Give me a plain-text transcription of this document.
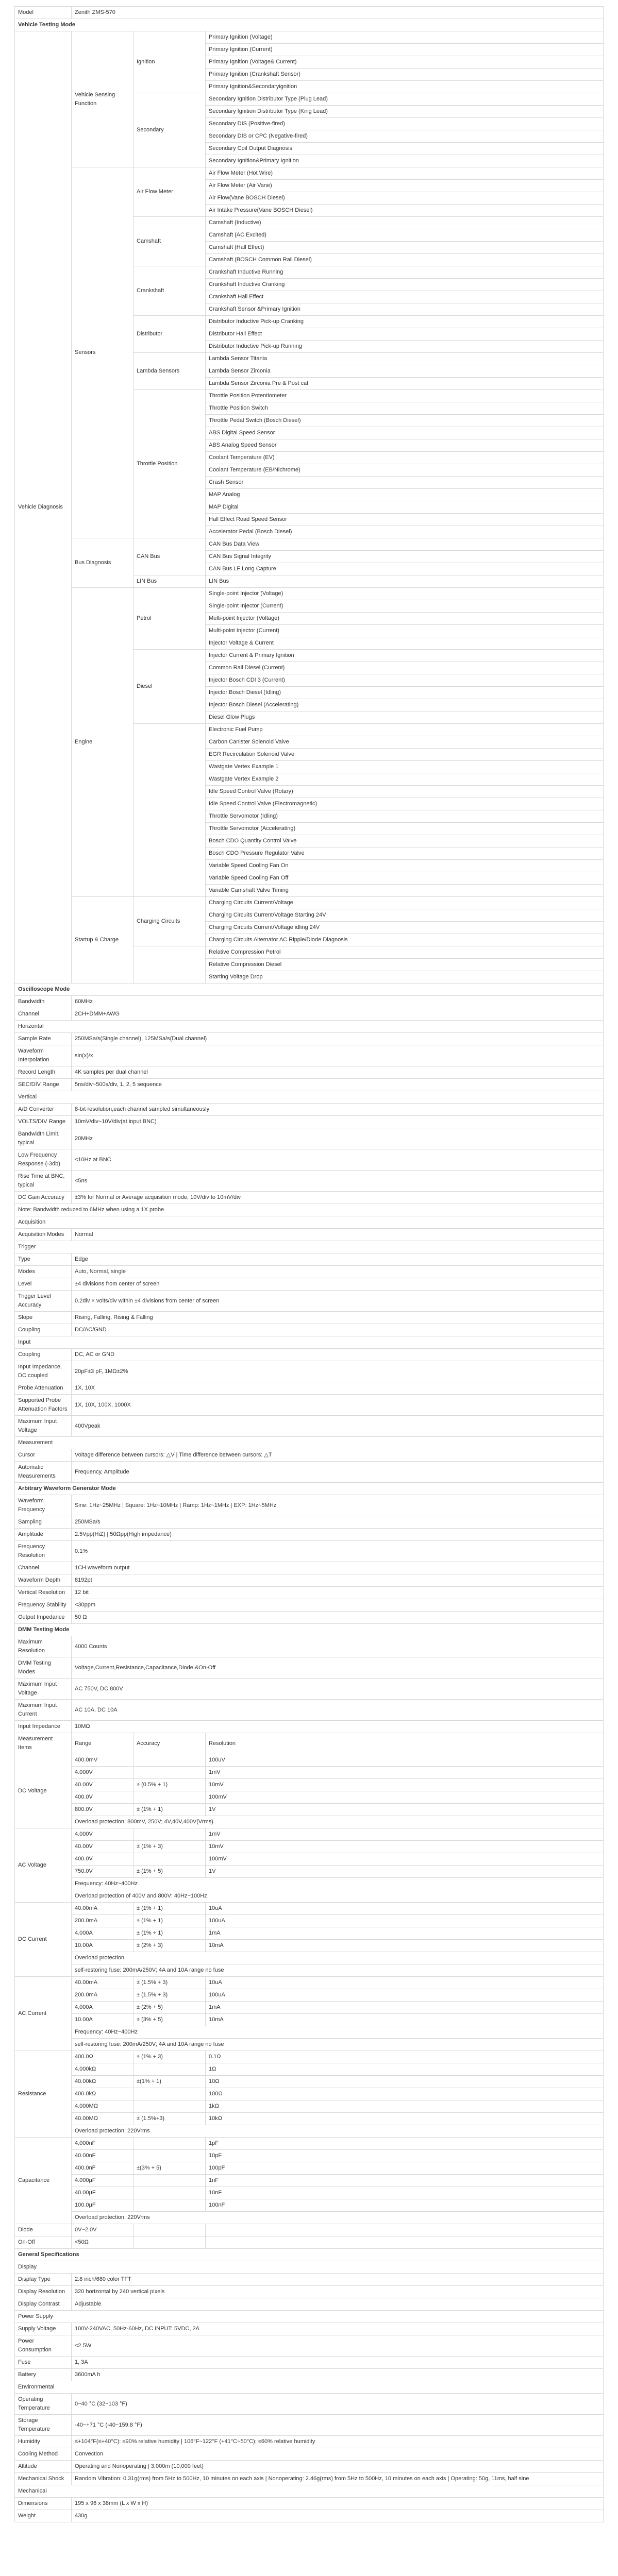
Model	Zenith ZMS-570		
Vehicle Testing Mode			
Vehicle Diagnosis	Vehicle Sensing Function	Ignition	Primary Ignition (Voltage)
			Primary Ignition (Current)
			Primary Ignition (Voltage& Current)
			Primary Ignition (Crankshaft Sensor)
			Primary Ignition&Secondaryignition
		Secondary	Secondary Ignition Distributor Type (Plug Lead)
			Secondary Ignition Distributor Type (King Lead)
			Secondary DIS (Positive-fired)
			Secondary DIS or CPC (Negative-fired)
			Secondary Coil Output Diagnosis
			Secondary Ignition&Primary Ignition
	Sensors	Air Flow Meter	Air Flow Meter (Hot Wire)
			Air Flow Meter (Air Vane)
			Air Flow(Vane BOSCH Diesel)
			Air Intake Pressure(Vane BOSCH Diesel)
		Camshaft	Camshaft (Inductive)
			Camshaft (AC Excited)
			Camshaft (Hall Effect)
			Camshaft (BOSCH Common Rail Diesel)
		Crankshaft	Crankshaft Inductive Running
			Crankshaft Inductive Cranking
			Crankshaft Hall Effect
			Crankshaft Sensor &Primary Ignition
		Distributor	Distributor Inductive Pick-up Cranking
			Distributor Hall Effect
			Distributor Inductive Pick-up Running
		Lambda Sensors	Lambda Sensor Titania
			Lambda Sensor Zirconia
			Lambda Sensor Zirconia Pre & Post cat
		Throttle Position	Throttle Position Potentiometer
			Throttle Position Switch
			Throttle Pedal Switch (Bosch Diesel)
			ABS Digital Speed Sensor
			ABS Analog Speed Sensor
			Coolant Temperature (EV)
			Coolant Temperature (EB/Nichrome)
			Crash Sensor
			MAP Analog
			MAP Digital
			Hall Effect Road Speed Sensor
			Accelerator Pedal (Bosch Diesel)
	Bus Diagnosis	CAN Bus	CAN Bus Data View
			CAN Bus Signal Integrity
			CAN Bus LF Long Capture
		LIN Bus	LIN Bus
	Engine	Petrol	Single-point Injector (Voltage)
			Single-point Injector (Current)
			Multi-point Injector (Voltage)
			Multi-point Injector (Current)
			Injector Voltage & Current
		Diesel	Injector Current & Primary Ignition
			Common Rail Diesel (Current)
			Injector Bosch CDI 3 (Current)
			Injector Bosch Diesel (Idling)
			Injector Bosch Diesel (Accelerating)
			Diesel Glow Plugs
			Electronic Fuel Pump
			Carbon Canister Solenoid Valve
			EGR Recirculation Solenoid Valve
			Wastgate Vertex Example 1
			Wastgate Vertex Example 2
			Idle Speed Control Valve (Rotary)
			Idle Speed Control Valve (Electromagnetic)
			Throttle Servomotor (Idling)
			Throttle Servomotor (Accelerating)
			Bosch CDO Quantity Control Valve
			Bosch CDO Pressure Regulator Valve
			Variable Speed Cooling Fan On
			Variable Speed Cooling Fan Off
			Variable Camshaft Valve Timing
	Startup & Charge	Charging Circuits	Charging Circuits Current/Voltage
			Charging Circuits Current/Voltage Starting 24V
			Charging Circuits Current/Voltage idling 24V
			Charging Circuits Alternator AC Ripple/Diode Diagnosis
			Relative Compression Petrol
			Relative Compression Diesel
			Starting Voltage Drop
Oscilloscope Mode			
Bandwidth	60MHz		
Channel	2CH+DMM+AWG		
Horizontal			
Sample Rate	250MSa/s(Single channel), 125MSa/s(Dual channel)		
Waveform Interpolation	sin(x)/x		
Record Length	4K samples per dual channel		
SEC/DIV Range	5ns/div~500s/div, 1, 2, 5 sequence		
Vertical			
A/D Converter	8-bit resolution,each channel sampled simultaneously		
VOLTS/DIV Range	10mV/div~10V/div(at input BNC)		
Bandwidth Limit, typical	20MHz		
Low Frequency Response (-3db)	<10Hz at BNC		
Rise Time at BNC, typical	<5ns		
DC Gain Accuracy	±3% for Normal or Average acquisition mode, 10V/div to 10mV/div		
Note: Bandwidth reduced to 6MHz when using a 1X probe.			
Acquisition			
Acquisition Modes	Normal		
Trigger			
Type	Edge		
Modes	Auto, Normal, single		
Level	±4 divisions from center of screen		
Trigger Level Accuracy	0.2div × volts/div within ±4 divisions from center of screen		
Slope	Rising, Falling, Rising & Falling		
Coupling	DC/AC/GND		
Input			
Coupling	DC, AC or GND		
Input Impedance, DC coupled	20pF±3 pF, 1MΩ±2%		
Probe Attenuation	1X, 10X		
Supported Probe Attenuation Factors	1X, 10X, 100X, 1000X		
Maximum Input Voltage	400Vpeak		
Measurement			
Cursor	Voltage difference between cursors: △V | Time difference between cursors: △T		
Automatic Measurements	Frequency, Amplitude		
Arbitrary Waveform Generator Mode			
Waveform Frequency	Sine: 1Hz~25MHz | Square: 1Hz~10MHz | Ramp: 1Hz~1MHz | EXP: 1Hz~5MHz		
Sampling	250MSa/s		
Amplitude	2.5Vpp(HiZ) | 50Ωpp(High impedance)		
Frequency Resolution	0.1%		
Channel	1CH waveform output		
Waveform Depth	8192pt		
Vertical Resolution	12 bit		
Frequency Stability	<30ppm		
Output Impedance	50 Ω		
DMM Testing Mode			
Maximum Resolution	4000 Counts		
DMM Testing Modes	Voltage,Current,Resistance,Capacitance,Diode,&On-Off		
Maximum Input Voltage	AC 750V, DC 800V		
Maximum Input Current	AC 10A, DC 10A		
Input Impedance	10MΩ		
Measurement Items	Range	Accuracy	Resolution
DC Voltage	400.0mV		100uV
	4.000V		1mV
	40.00V	± (0.5% + 1)	10mV
	400.0V		100mV
	800.0V	± (1% + 1)	1V
	Overload protection: 800mV, 250V; 4V,40V,400V(Vrms)		
AC Voltage	4.000V		1mV
	40.00V	± (1% + 3)	10mV
	400.0V		100mV
	750.0V	± (1% + 5)	1V
	Frequency: 40Hz~400Hz		
	Overload protection of 400V and 800V: 40Hz~100Hz		
DC Current	40.00mA	± (1% + 1)	10uA
	200.0mA	± (1% + 1)	100uA
	4.000A	± (1% + 1)	1mA
	10.00A	± (2% + 3)	10mA
	Overload protection		
	self-restoring fuse: 200mA/250V; 4A and 10A range no fuse		
AC Current	40.00mA	± (1.5% + 3)	10uA
	200.0mA	± (1.5% + 3)	100uA
	4.000A	± (2% + 5)	1mA
	10.00A	± (3% + 5)	10mA
	Frequency: 40Hz~400Hz		
	self-restoring fuse: 200mA/250V; 4A and 10A range no fuse		
Resistance	400.0Ω	± (1% + 3)	0.1Ω
	4.000kΩ		1Ω
	40.00kΩ	±(1% + 1)	10Ω
	400.0kΩ		100Ω
	4.000MΩ		1kΩ
	40.00MΩ	± (1.5%+3)	10kΩ
	Overload protection: 220Vrms		
Capacitance	4.000nF		1pF
	40.00nF		10pF
	400.0nF	±(3% + 5)	100pF
	4.000μF		1nF
	40.00μF		10nF
	100.0μF		100nF
	Overload protection: 220Vrms		
Diode	0V~2.0V		
On-Off	<50Ω		
General Specifications			
Display			
Display Type	2.8 inch/680 color TFT		
Display Resolution	320 horizontal by 240 vertical pixels		
Display Contrast	Adjustable		
Power Supply			
Supply Voltage	100V-240VAC, 50Hz-60Hz, DC INPUT: 5VDC, 2A		
Power Consumption	<2.5W		
Fuse	1, 3A		
Battery	3600mA h		
Environmental			
Operating Temperature	0~40 °C (32~103 °F)		
Storage Temperature	-40~+71 °C (-40~159.8 °F)		
Humidity	≤+104°F(≤+40°C): ≤90% relative humidity | 106°F~122°F (+41°C~50°C): ≤60% relative humidity		
Cooling Method	Convection		
Altitude	Operating and Nonoperating | 3,000m (10,000 feet)		
Mechanical Shock	Random Vibration: 0.31g(rms) from 5Hz to 500Hz, 10 minutes on each axis | Nonoperating: 2.46g(rms) from 5Hz to 500Hz, 10 minutes on each axis | Operating: 50g, 11ms, half sine		
Mechanical			
Dimensions	195 x 96 x 38mm (L x W x H)		
Weight	430g		
